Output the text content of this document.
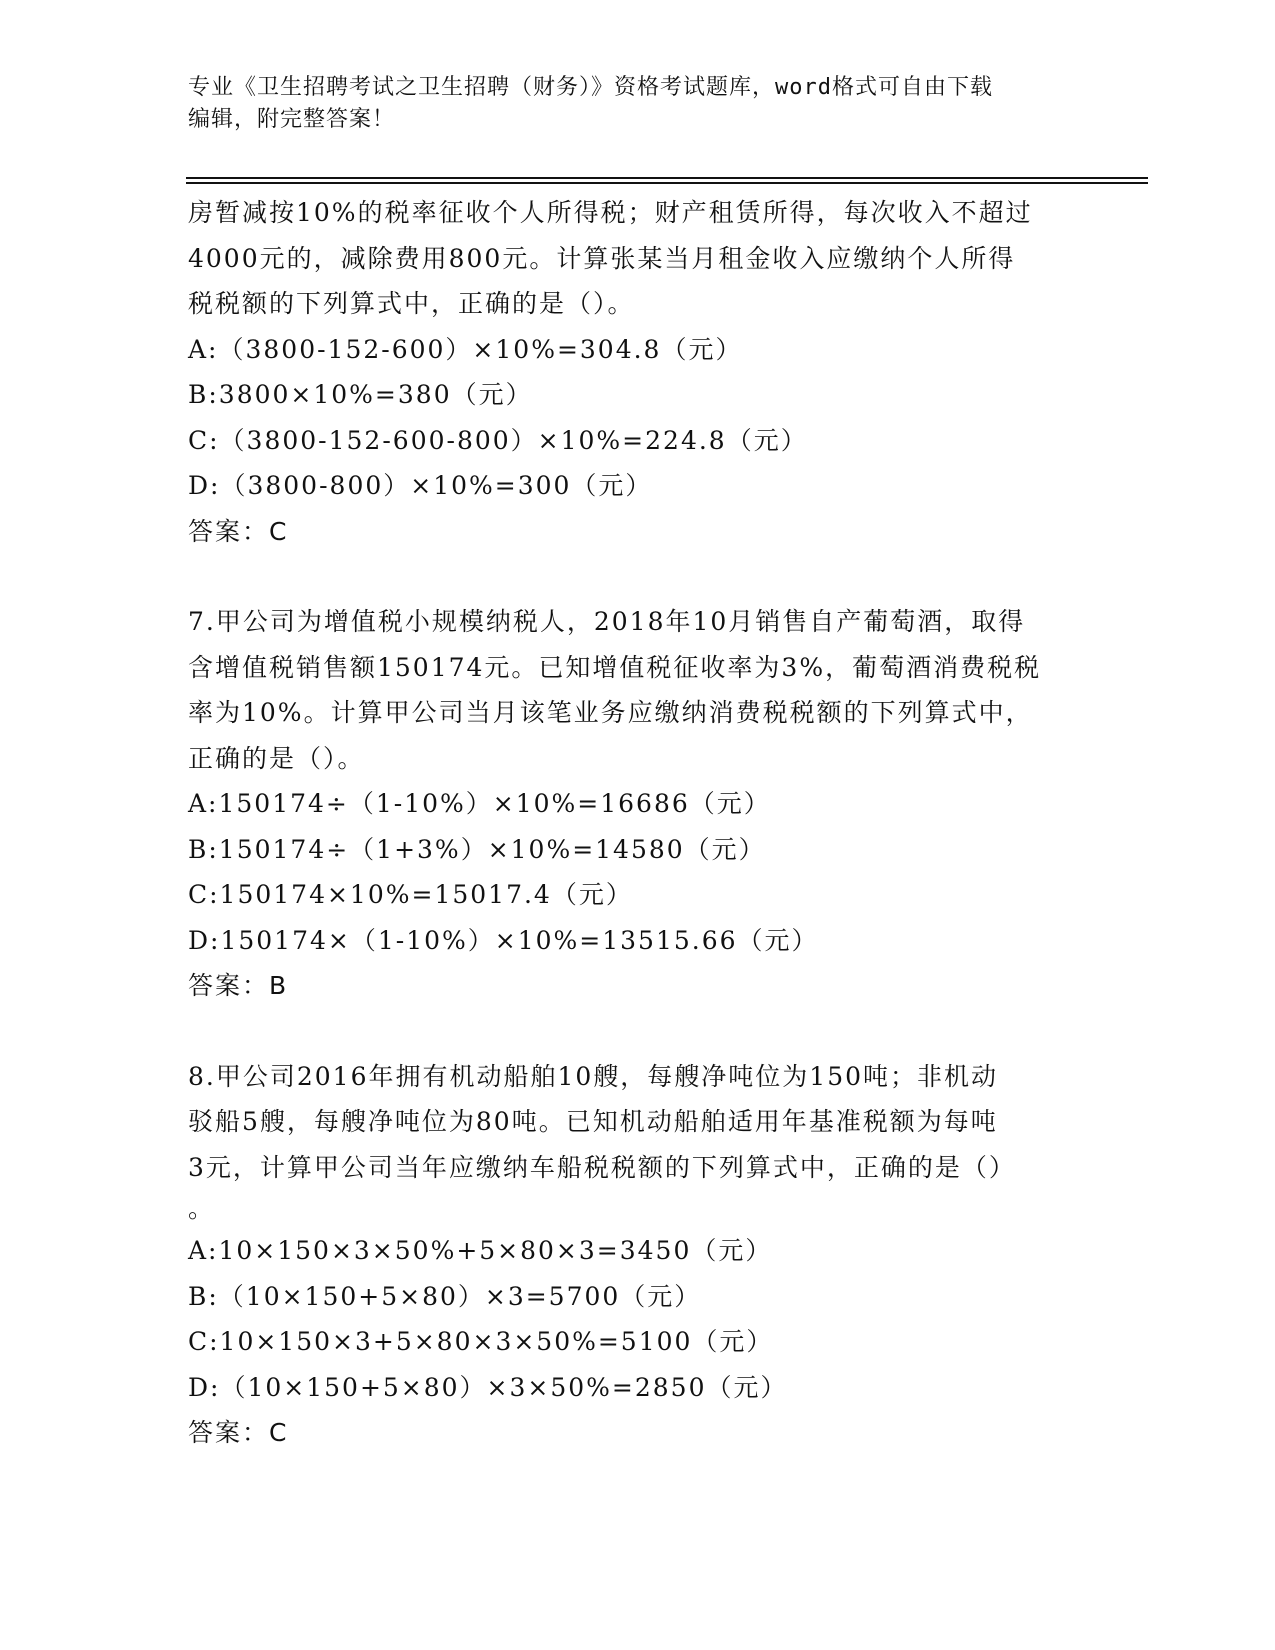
专业《卫生招聘考试之卫生招聘（财务）》资格考试题库，word格式可自由下载
编辑，附完整答案！
房暂减按10%的税率征收个人所得税；财产租赁所得，每次收入不超过
4000元的，减除费用800元。计算张某当月租金收入应缴纳个人所得
税税额的下列算式中，正确的是（）。
A:（3800-152-600）×10%=304.8（元）
B:3800×10%=380（元）
C:（3800-152-600-800）×10%=224.8（元）
D:（3800-800）×10%=300（元）
答案：C
7.甲公司为增值税小规模纳税人，2018年10月销售自产葡萄酒，取得
含增值税销售额150174元。已知增值税征收率为3%，葡萄酒消费税税
率为10%。计算甲公司当月该笔业务应缴纳消费税税额的下列算式中，
正确的是（）。
A:150174÷（1-10%）×10%=16686（元）
B:150174÷（1+3%）×10%=14580（元）
C:150174×10%=15017.4（元）
D:150174×（1-10%）×10%=13515.66（元）
答案：B
8.甲公司2016年拥有机动船舶10艘，每艘净吨位为150吨；非机动
驳船5艘，每艘净吨位为80吨。已知机动船舶适用年基准税额为每吨
3元，计算甲公司当年应缴纳车船税税额的下列算式中，正确的是（）
。
A:10×150×3×50%+5×80×3=3450（元）
B:（10×150+5×80）×3=5700（元）
C:10×150×3+5×80×3×50%=5100（元）
D:（10×150+5×80）×3×50%=2850（元）
答案：C
